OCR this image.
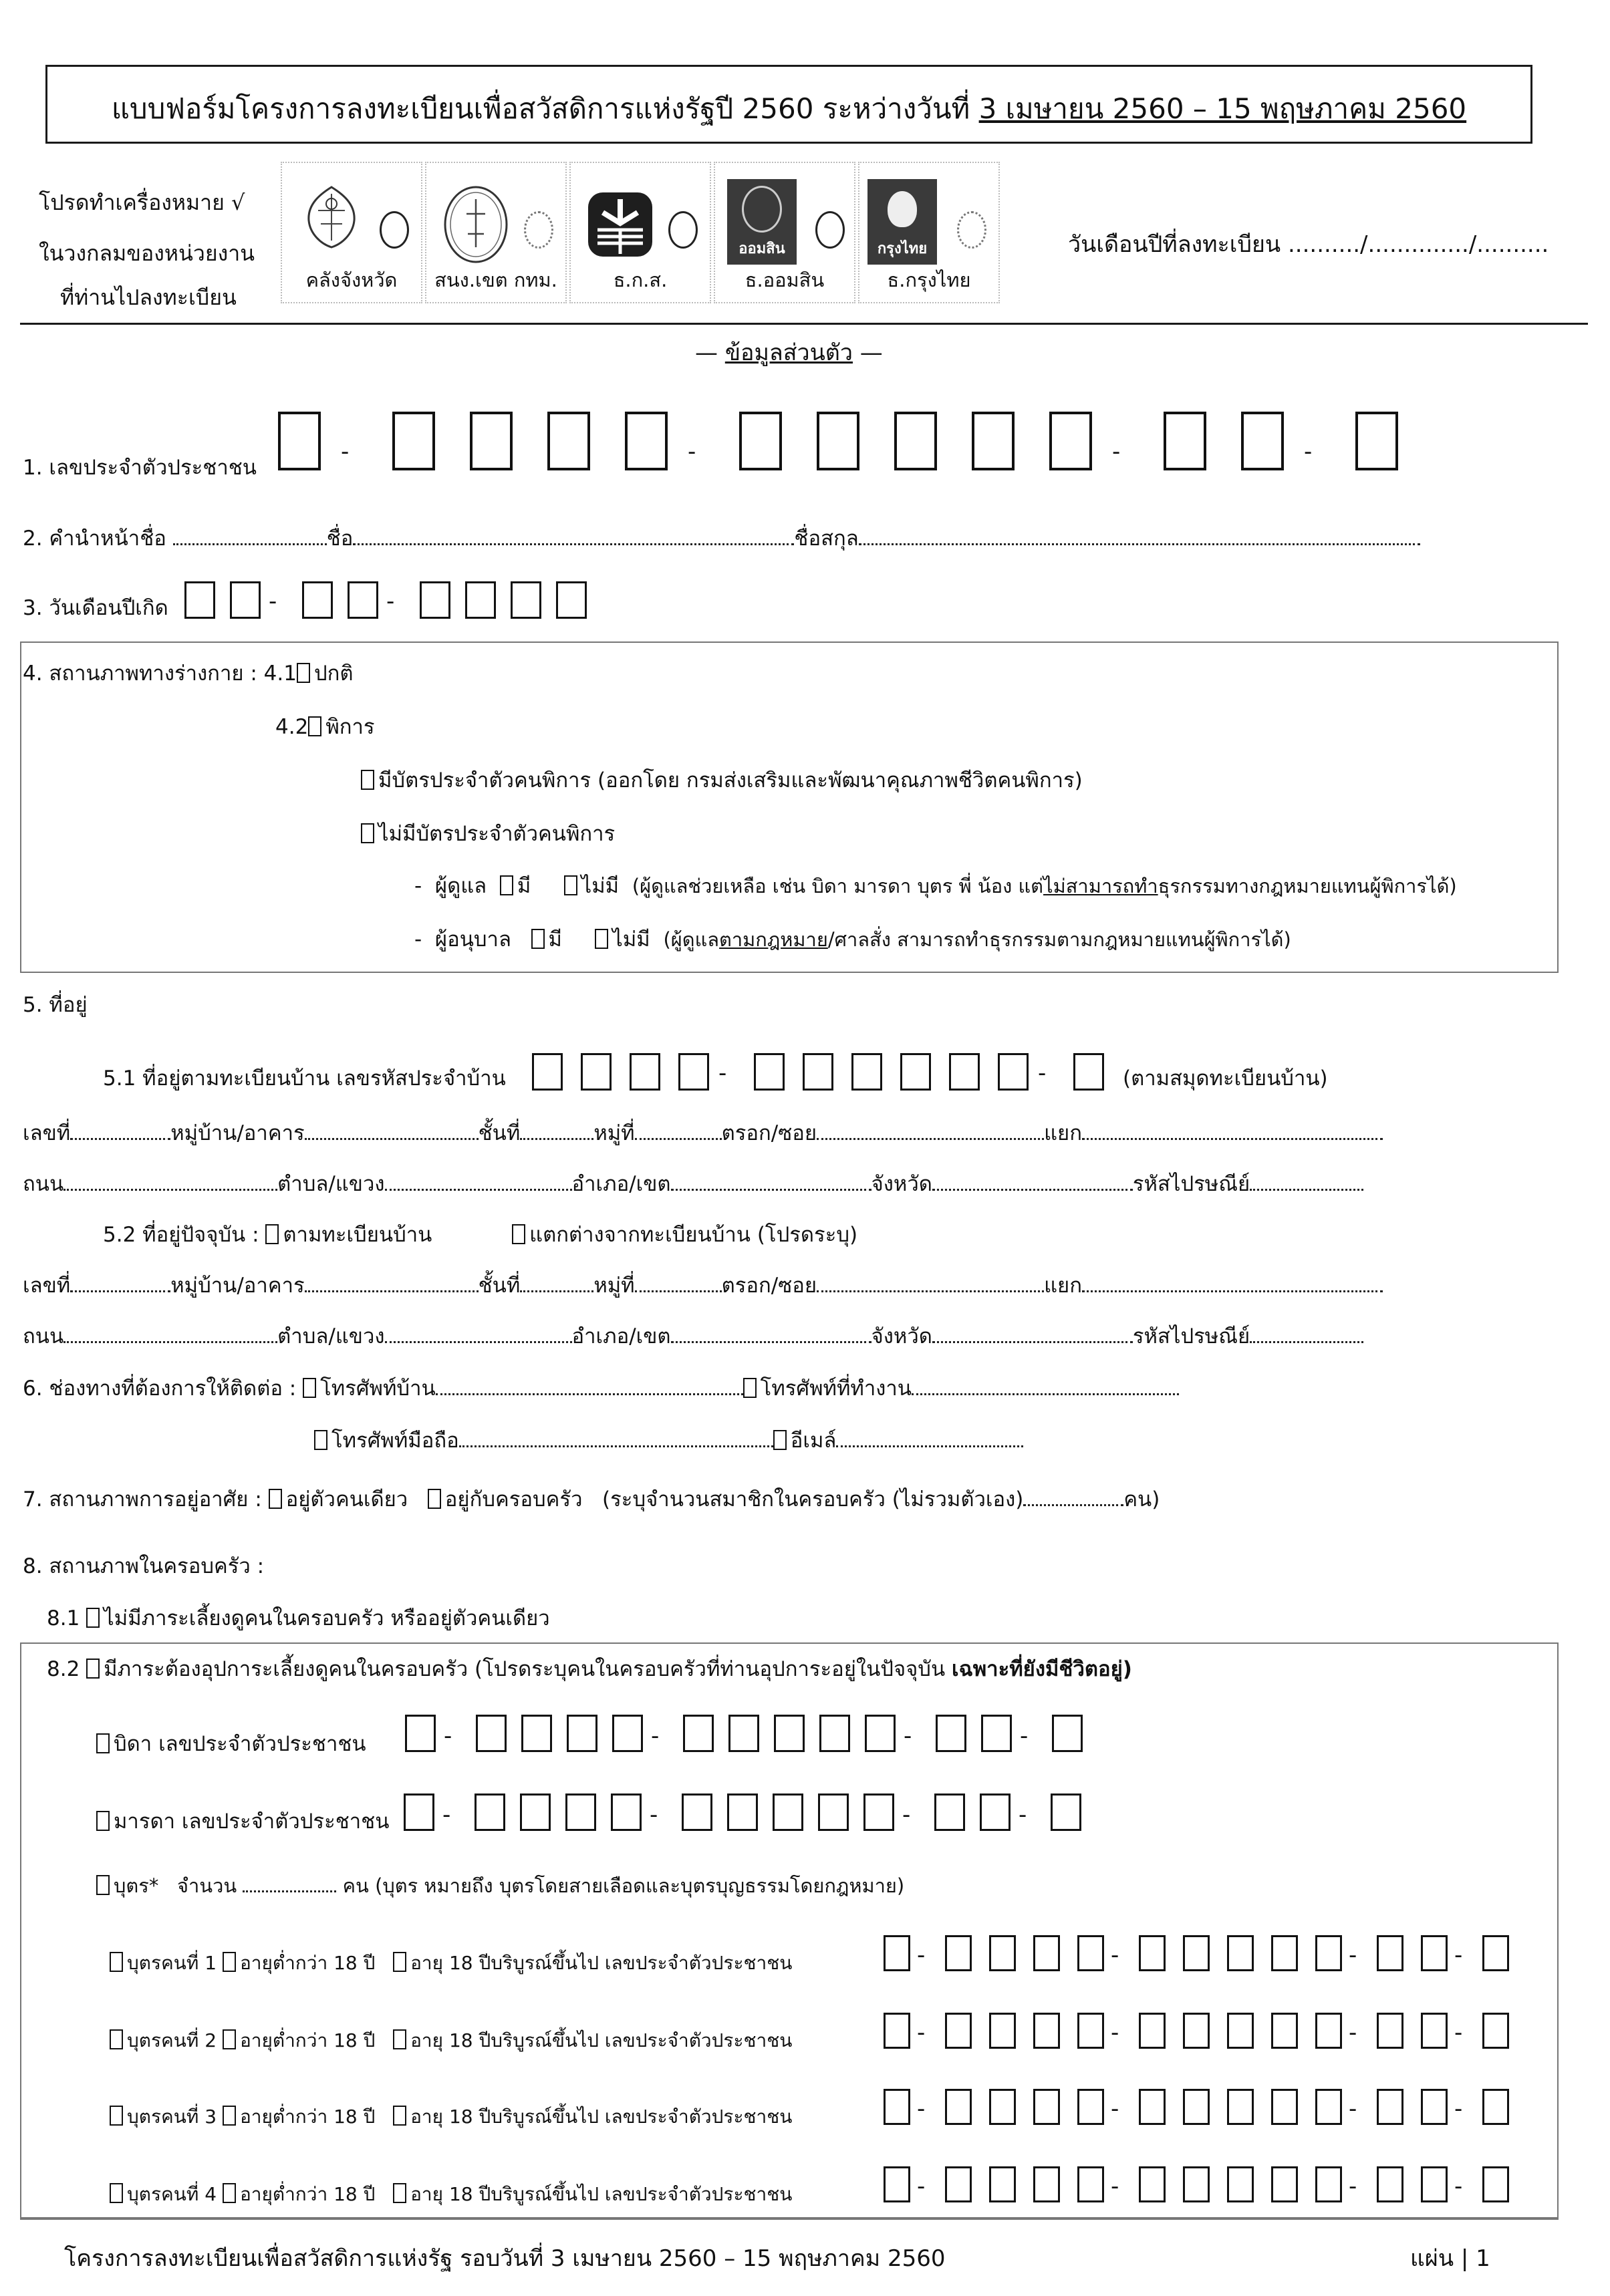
แบบฟอร์มโครงการลงทะเบียนเพื่อสวัสดิการแห่งรัฐปี 2560 ระหว่างวันที่ 3 เมษายน 2560 – 15 พฤษภาคม 2560
โปรดทำเครื่องหมาย √
ในวงกลมของหน่วยงาน
ที่ท่านไปลงทะเบียน
คลังจังหวัด	สนง.เขต กทม.	ธ.ก.ส.
ออมสิน
ธ.ออมสิน
กรุงไทย
ธ.กรุงไทย
วันเดือนปีที่ลงทะเบียน ........../............../..........
— ข้อมูลส่วนตัว —
1. เลขประจำตัวประชาชน
-	-	-	-
2. คำนำหน้าชื่อ	ชื่อ	ชื่อสกุล
3. วันเดือนปีเกิด	-	-
4. สถานภาพทางร่างกาย : 4.1 ปกติ
4.2 พิการ
มีบัตรประจำตัวคนพิการ (ออกโดย กรมส่งเสริมและพัฒนาคุณภาพชีวิตคนพิการ)
ไม่มีบัตรประจำตัวคนพิการ
- ผู้ดูแล มี ไม่มี (ผู้ดูแลช่วยเหลือ เช่น บิดา มารดา บุตร พี่ น้อง แต่ไม่สามารถทำธุรกรรมทางกฎหมายแทนผู้พิการได้)
- ผู้อนุบาล มี ไม่มี (ผู้ดูแลตามกฎหมาย/ศาลสั่ง สามารถทำธุรกรรมตามกฎหมายแทนผู้พิการได้)
5. ที่อยู่
5.1 ที่อยู่ตามทะเบียนบ้าน เลขรหัสประจำบ้าน	-	-	(ตามสมุดทะเบียนบ้าน)
เลขที่	หมู่บ้าน/อาคาร	ชั้นที่	หมู่ที่	ตรอก/ซอย	แยก
ถนน	ตำบล/แขวง	อำเภอ/เขต	จังหวัด	รหัสไปรษณีย์
5.2 ที่อยู่ปัจจุบัน : ตามทะเบียนบ้าน	แตกต่างจากทะเบียนบ้าน (โปรดระบุ)
เลขที่	หมู่บ้าน/อาคาร	ชั้นที่	หมู่ที่	ตรอก/ซอย	แยก
ถนน	ตำบล/แขวง	อำเภอ/เขต	จังหวัด	รหัสไปรษณีย์
6. ช่องทางที่ต้องการให้ติดต่อ : โทรศัพท์บ้าน	โทรศัพท์ที่ทำงาน
โทรศัพท์มือถือ	อีเมล์
7. สถานภาพการอยู่อาศัย : อยู่ตัวคนเดียว อยู่กับครอบครัว (ระบุจำนวนสมาชิกในครอบครัว (ไม่รวมตัวเอง)	คน)
8. สถานภาพในครอบครัว :
8.1 ไม่มีภาระเลี้ยงดูคนในครอบครัว หรืออยู่ตัวคนเดียว
8.2 มีภาระต้องอุปการะเลี้ยงดูคนในครอบครัว (โปรดระบุคนในครอบครัวที่ท่านอุปการะอยู่ในปัจจุบัน เฉพาะที่ยังมีชีวิตอยู่)
บิดา เลขประจำตัวประชาชน	-	-	-	-
มารดา เลขประจำตัวประชาชน -	-	-	-
บุตร* จำนวน	คน (บุตร หมายถึง บุตรโดยสายเลือดและบุตรบุญธรรมโดยกฎหมาย)
บุตรคนที่ 1 อายุต่ำกว่า 18 ปี อายุ 18 ปีบริบูรณ์ขึ้นไป เลขประจำตัวประชาชน	-	-	-	-
บุตรคนที่ 2 อายุต่ำกว่า 18 ปี อายุ 18 ปีบริบูรณ์ขึ้นไป เลขประจำตัวประชาชน	-	-	-	-
บุตรคนที่ 3 อายุต่ำกว่า 18 ปี อายุ 18 ปีบริบูรณ์ขึ้นไป เลขประจำตัวประชาชน	-	-	-	-
บุตรคนที่ 4 อายุต่ำกว่า 18 ปี อายุ 18 ปีบริบูรณ์ขึ้นไป เลขประจำตัวประชาชน	-	-	-	-
โครงการลงทะเบียนเพื่อสวัสดิการแห่งรัฐ รอบวันที่ 3 เมษายน 2560 – 15 พฤษภาคม 2560	แผ่น | 1
